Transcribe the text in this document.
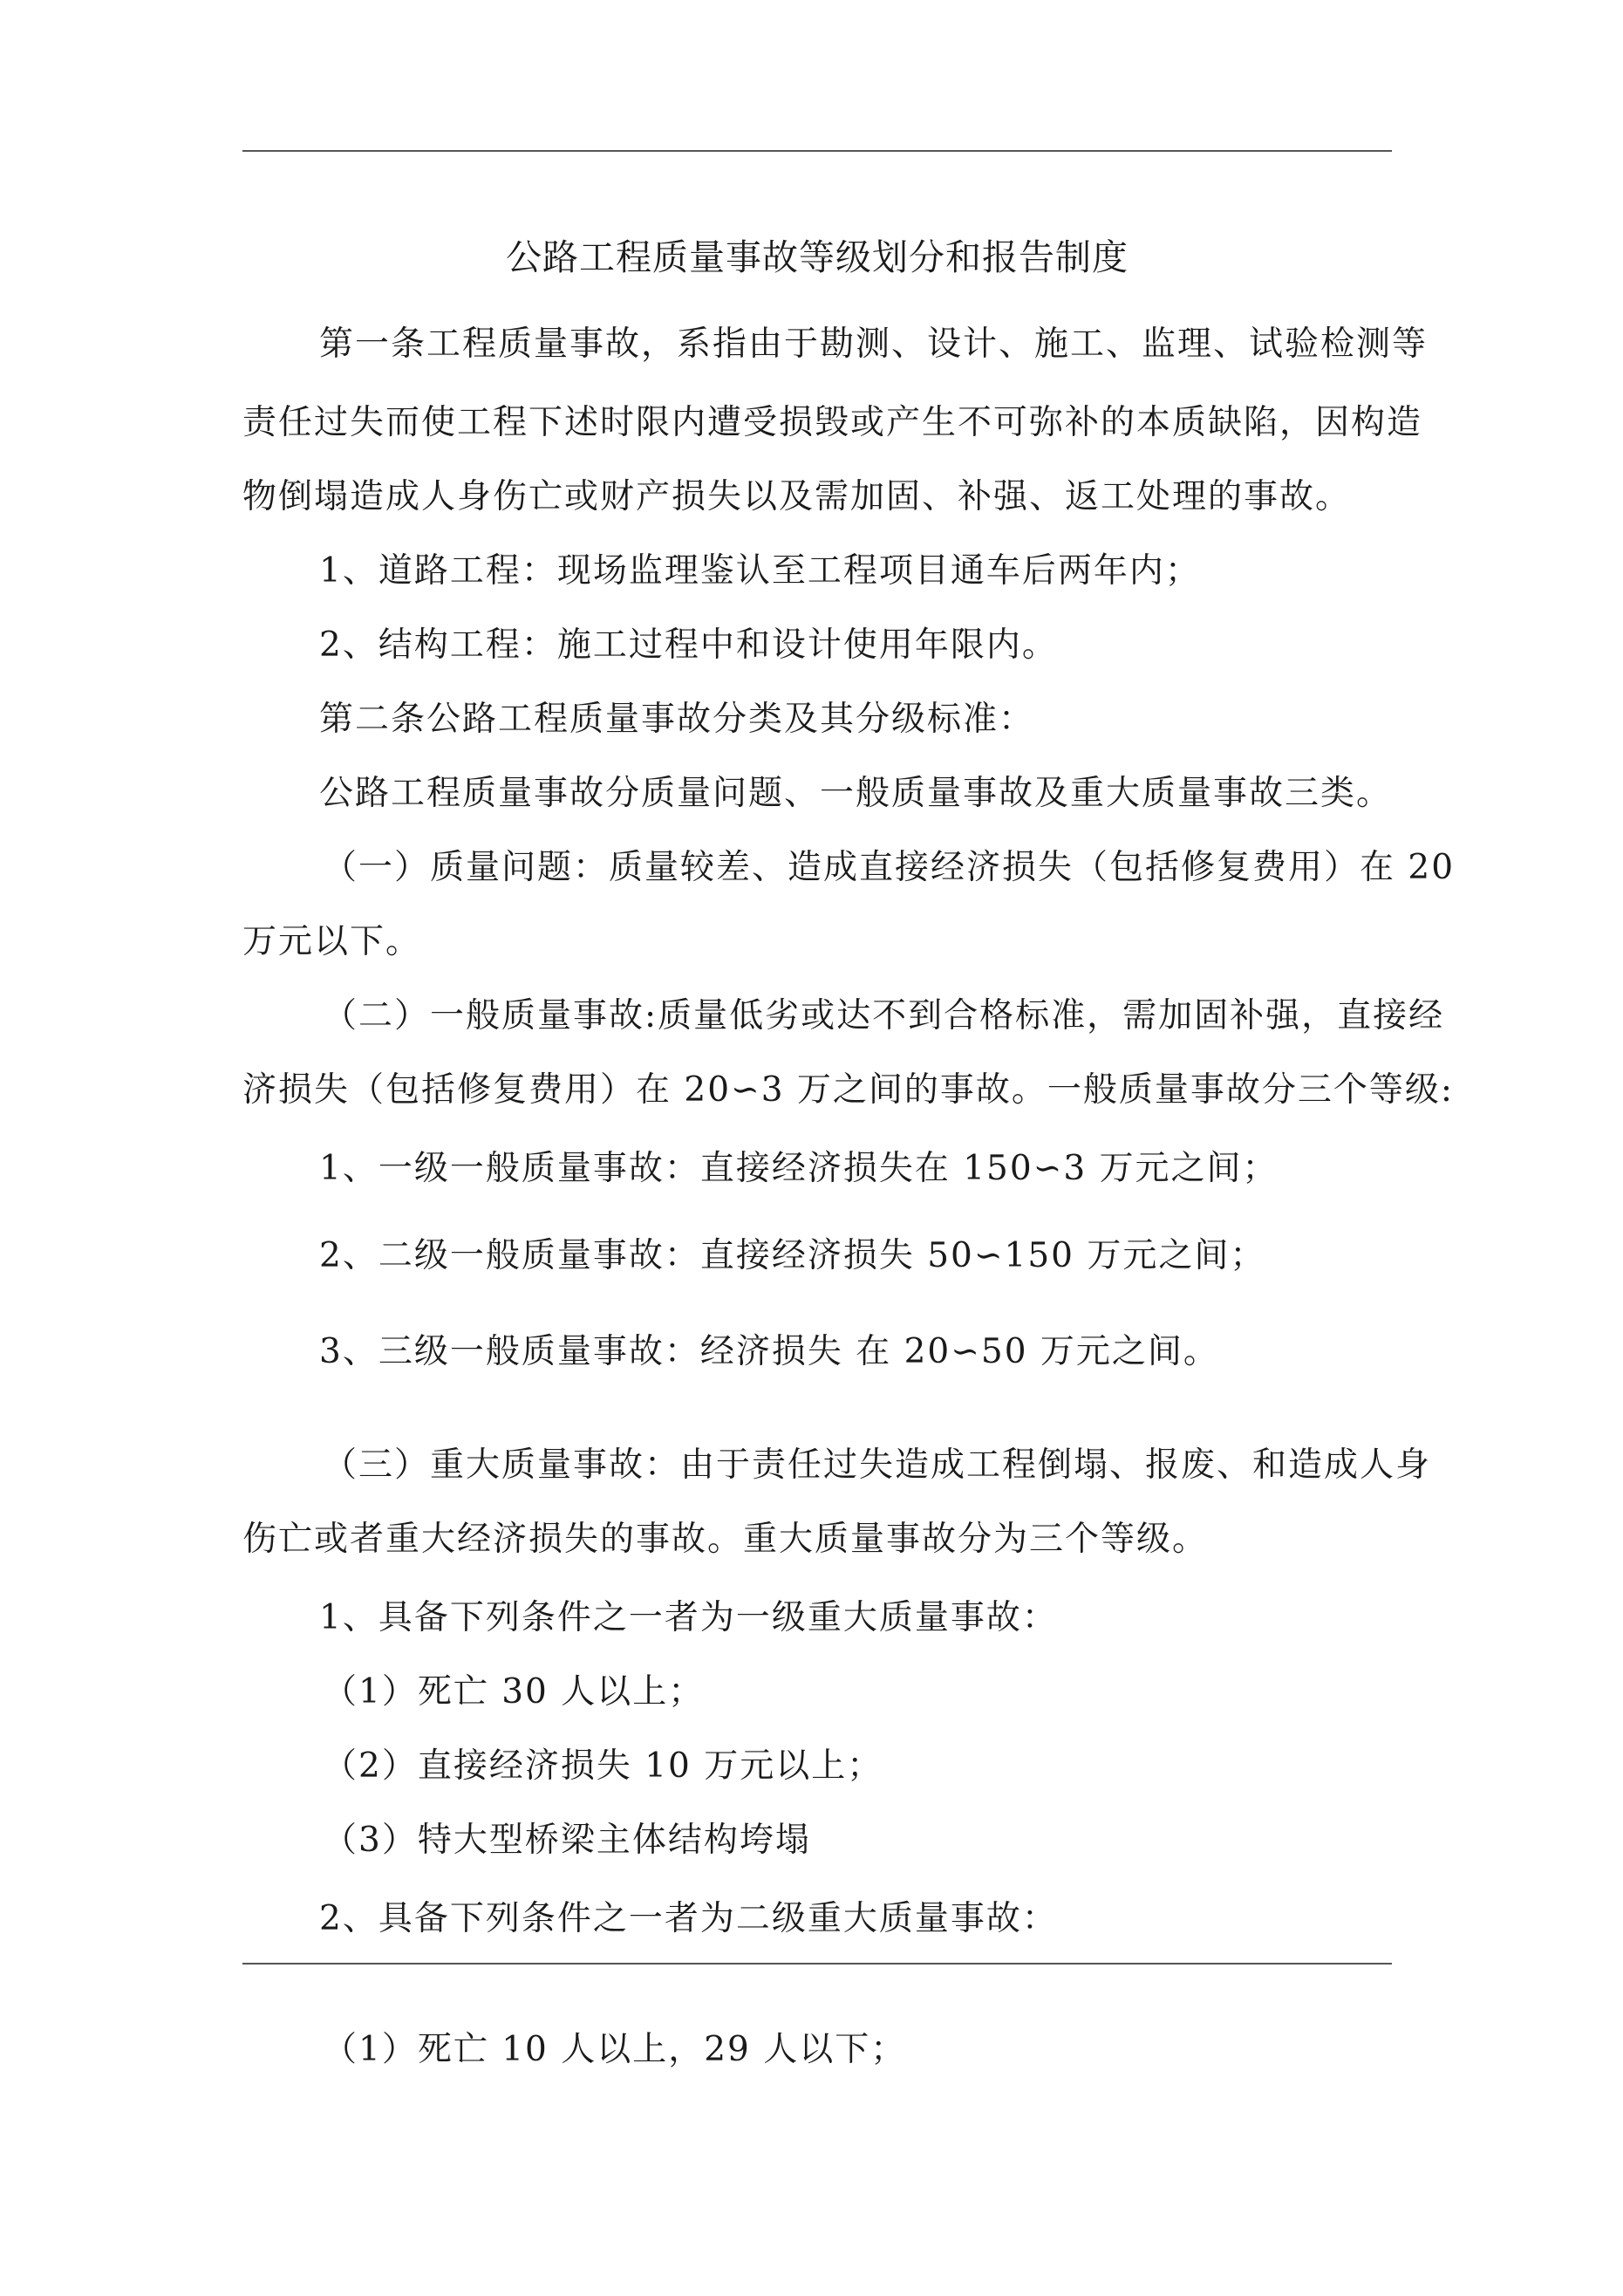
公路工程质量事故等级划分和报告制度
第一条工程质量事故，系指由于勘测、设计、施工、监理、试验检测等
责任过失而使工程下述时限内遭受损毁或产生不可弥补的本质缺陷，因构造
物倒塌造成人身伤亡或财产损失以及需加固、补强、返工处理的事故。
1、道路工程：现场监理鉴认至工程项目通车后两年内；
2、结构工程：施工过程中和设计使用年限内。
第二条公路工程质量事故分类及其分级标准：
公路工程质量事故分质量问题、一般质量事故及重大质量事故三类。
（一）质量问题：质量较差、造成直接经济损失（包括修复费用）在 20
万元以下。
（二）一般质量事故:质量低劣或达不到合格标准，需加固补强，直接经
济损失（包括修复费用）在 20∽3 万之间的事故。一般质量事故分三个等级:
1、一级一般质量事故：直接经济损失在 150∽3 万元之间；
2、二级一般质量事故：直接经济损失 50∽150 万元之间；
3、三级一般质量事故：经济损失 在 20∽50 万元之间。
（三）重大质量事故：由于责任过失造成工程倒塌、报废、和造成人身
伤亡或者重大经济损失的事故。重大质量事故分为三个等级。
1、具备下列条件之一者为一级重大质量事故：
（1）死亡 30 人以上；
（2）直接经济损失 10 万元以上；
（3）特大型桥梁主体结构垮塌
2、具备下列条件之一者为二级重大质量事故：
（1）死亡 10 人以上，29 人以下；
